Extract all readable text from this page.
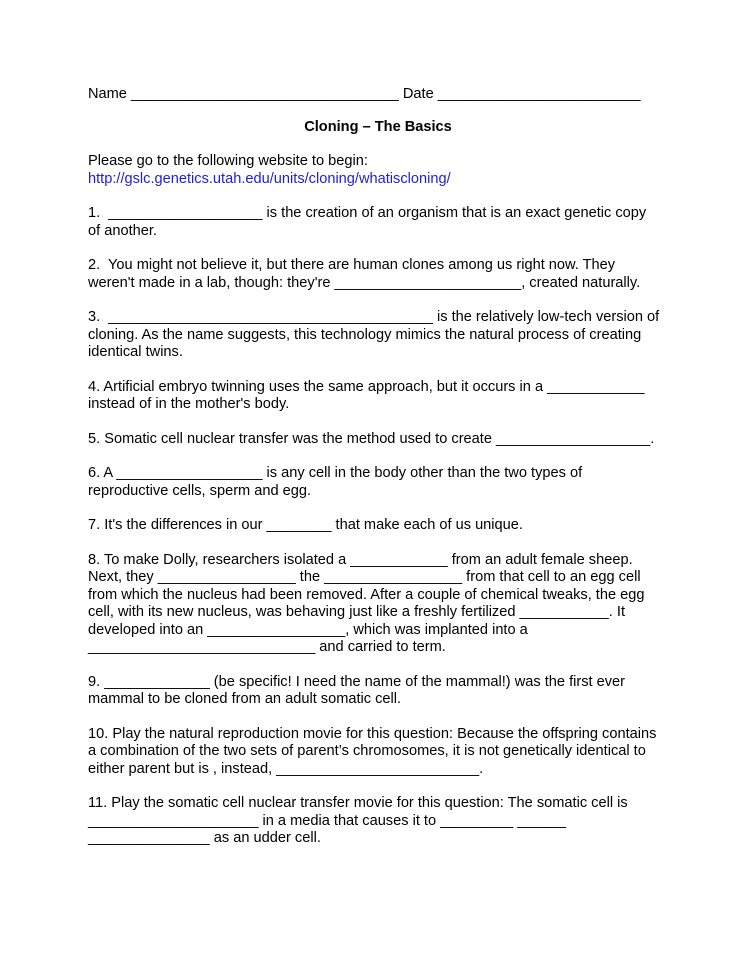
Name _________________________________ Date _________________________
Cloning – The Basics
Please go to the following website to begin:
http://gslc.genetics.utah.edu/units/cloning/whatiscloning/
1.  ___________________ is the creation of an organism that is an exact genetic copy
of another.
2.  You might not believe it, but there are human clones among us right now. They
weren't made in a lab, though: they're _______________________, created naturally.
3.  ________________________________________ is the relatively low-tech version of
cloning. As the name suggests, this technology mimics the natural process of creating
identical twins.
4. Artificial embryo twinning uses the same approach, but it occurs in a ____________
instead of in the mother's body.
5. Somatic cell nuclear transfer was the method used to create ___________________.
6. A __________________ is any cell in the body other than the two types of
reproductive cells, sperm and egg.
7. It's the differences in our ________ that make each of us unique.
8. To make Dolly, researchers isolated a ____________ from an adult female sheep.
Next, they _________________ the _________________ from that cell to an egg cell
from which the nucleus had been removed. After a couple of chemical tweaks, the egg
cell, with its new nucleus, was behaving just like a freshly fertilized ___________. It
developed into an _________________, which was implanted into a
____________________________ and carried to term.
9. _____________ (be specific! I need the name of the mammal!) was the first ever
mammal to be cloned from an adult somatic cell.
10. Play the natural reproduction movie for this question: Because the offspring contains
a combination of the two sets of parent’s chromosomes, it is not genetically identical to
either parent but is , instead, _________________________.
11. Play the somatic cell nuclear transfer movie for this question: The somatic cell is
_____________________ in a media that causes it to _________ ______
_______________ as an udder cell.
